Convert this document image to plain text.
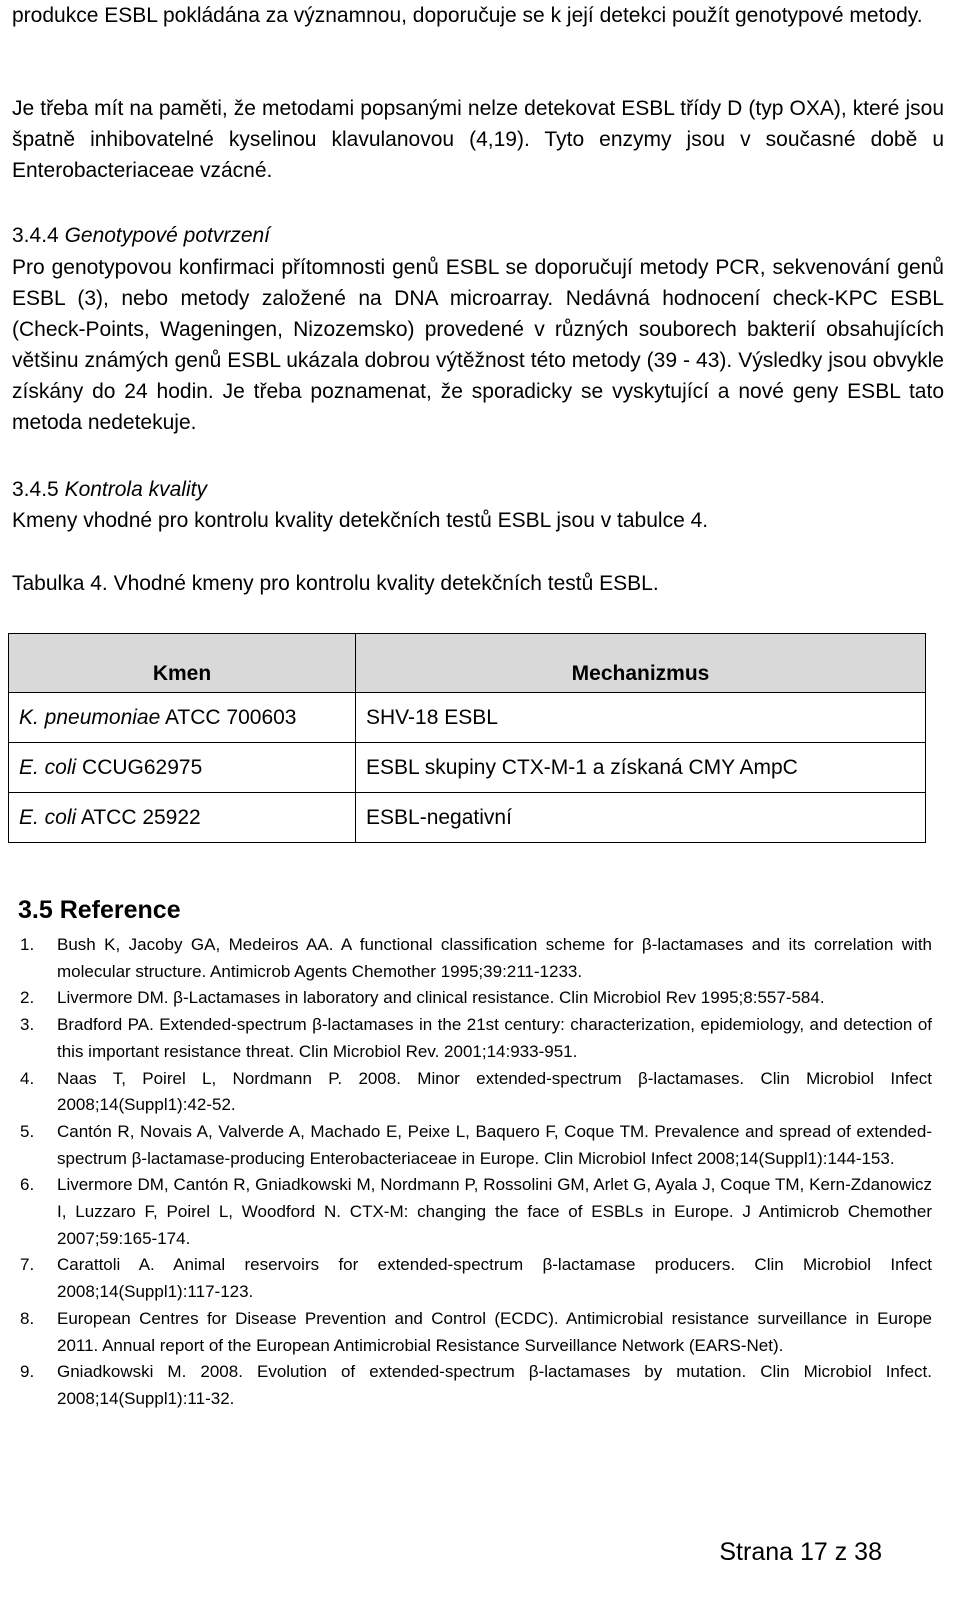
produkce ESBL pokládána za významnou, doporučuje se k její detekci použít genotypové metody.

Je třeba mít na paměti, že metodami popsanými nelze detekovat ESBL třídy D (typ OXA), které jsou špatně inhibovatelné kyselinou klavulanovou (4,19). Tyto enzymy jsou v současné době u Enterobacteriaceae vzácné.

3.4.4 Genotypové potvrzení

Pro genotypovou konfirmaci přítomnosti genů ESBL se doporučují metody PCR, sekvenování genů ESBL (3), nebo metody založené na DNA microarray. Nedávná hodnocení check-KPC ESBL (Check-Points, Wageningen, Nizozemsko) provedené v různých souborech bakterií obsahujících většinu známých genů ESBL ukázala dobrou výtěžnost této metody (39 - 43). Výsledky jsou obvykle získány do 24 hodin. Je třeba poznamenat, že sporadicky se vyskytující a nové geny ESBL tato metoda nedetekuje.

3.4.5 Kontrola kvality

Kmeny vhodné pro kontrolu kvality detekčních testů ESBL jsou v tabulce 4.

Tabulka 4. Vhodné kmeny pro kontrolu kvality detekčních testů ESBL.

Kmen	Mechanizmus
K. pneumoniae ATCC 700603	SHV-18 ESBL
E. coli CCUG62975	ESBL skupiny CTX-M-1 a získaná CMY AmpC
E. coli ATCC 25922	ESBL-negativní
3.5 Reference
1. Bush K, Jacoby GA, Medeiros AA. A functional classification scheme for β-lactamases and its correlation with molecular structure. Antimicrob Agents Chemother 1995;39:211-1233.
2. Livermore DM. β-Lactamases in laboratory and clinical resistance. Clin Microbiol Rev 1995;8:557-584.
3. Bradford PA. Extended-spectrum β-lactamases in the 21st century: characterization, epidemiology, and detection of this important resistance threat. Clin Microbiol Rev. 2001;14:933-951.
4. Naas T, Poirel L, Nordmann P. 2008. Minor extended-spectrum β-lactamases. Clin Microbiol Infect 2008;14(Suppl1):42-52.
5. Cantón R, Novais A, Valverde A, Machado E, Peixe L, Baquero F, Coque TM. Prevalence and spread of extended-spectrum β-lactamase-producing Enterobacteriaceae in Europe. Clin Microbiol Infect 2008;14(Suppl1):144-153.
6. Livermore DM, Cantón R, Gniadkowski M, Nordmann P, Rossolini GM, Arlet G, Ayala J, Coque TM, Kern-Zdanowicz I, Luzzaro F, Poirel L, Woodford N. CTX-M: changing the face of ESBLs in Europe. J Antimicrob Chemother 2007;59:165-174.
7. Carattoli A. Animal reservoirs for extended-spectrum β-lactamase producers. Clin Microbiol Infect 2008;14(Suppl1):117-123.
8. European Centres for Disease Prevention and Control (ECDC). Antimicrobial resistance surveillance in Europe 2011. Annual report of the European Antimicrobial Resistance Surveillance Network (EARS-Net).
9. Gniadkowski M. 2008. Evolution of extended-spectrum β-lactamases by mutation. Clin Microbiol Infect. 2008;14(Suppl1):11-32.

Strana 17 z 38
